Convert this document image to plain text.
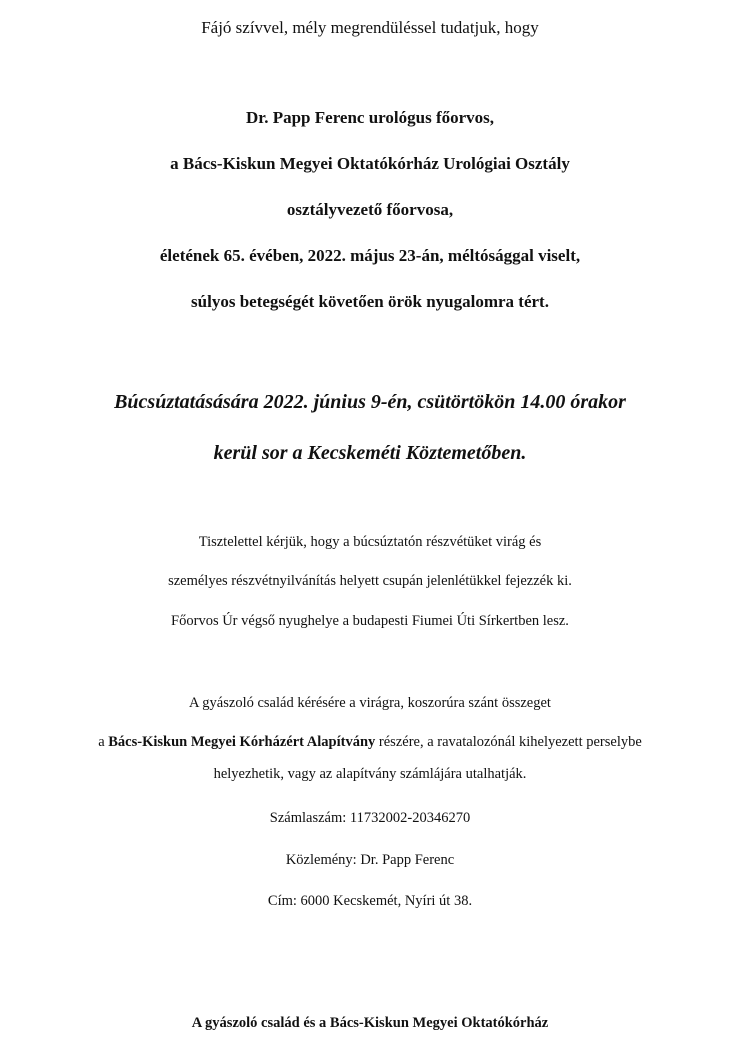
Fájó szívvel, mély megrendüléssel tudatjuk, hogy
Dr. Papp Ferenc urológus főorvos,
a Bács-Kiskun Megyei Oktatókórház Urológiai Osztály
osztályvezető főorvosa,
életének 65. évében, 2022. május 23-án, méltósággal viselt,
súlyos betegségét követően örök nyugalomra tért.
Búcsúztatásására 2022. június 9-én, csütörtökön 14.00 órakor
kerül sor a Kecskeméti Köztemetőben.
Tisztelettel kérjük, hogy a búcsúztatón részvétüket virág és
személyes részvétnyilvánítás helyett csupán jelenlétükkel fejezzék ki.
Főorvos Úr végső nyughelye a budapesti Fiumei Úti Sírkertben lesz.
A gyászoló család kérésére a virágra, koszorúra szánt összeget
a Bács-Kiskun Megyei Kórházért Alapítvány részére, a ravatalozónál kihelyezett perselybe
helyezhetik, vagy az alapítvány számlájára utalhatják.
Számlaszám: 11732002-20346270
Közlemény: Dr. Papp Ferenc
Cím: 6000 Kecskemét, Nyíri út 38.
A gyászoló család és a Bács-Kiskun Megyei Oktatókórház
